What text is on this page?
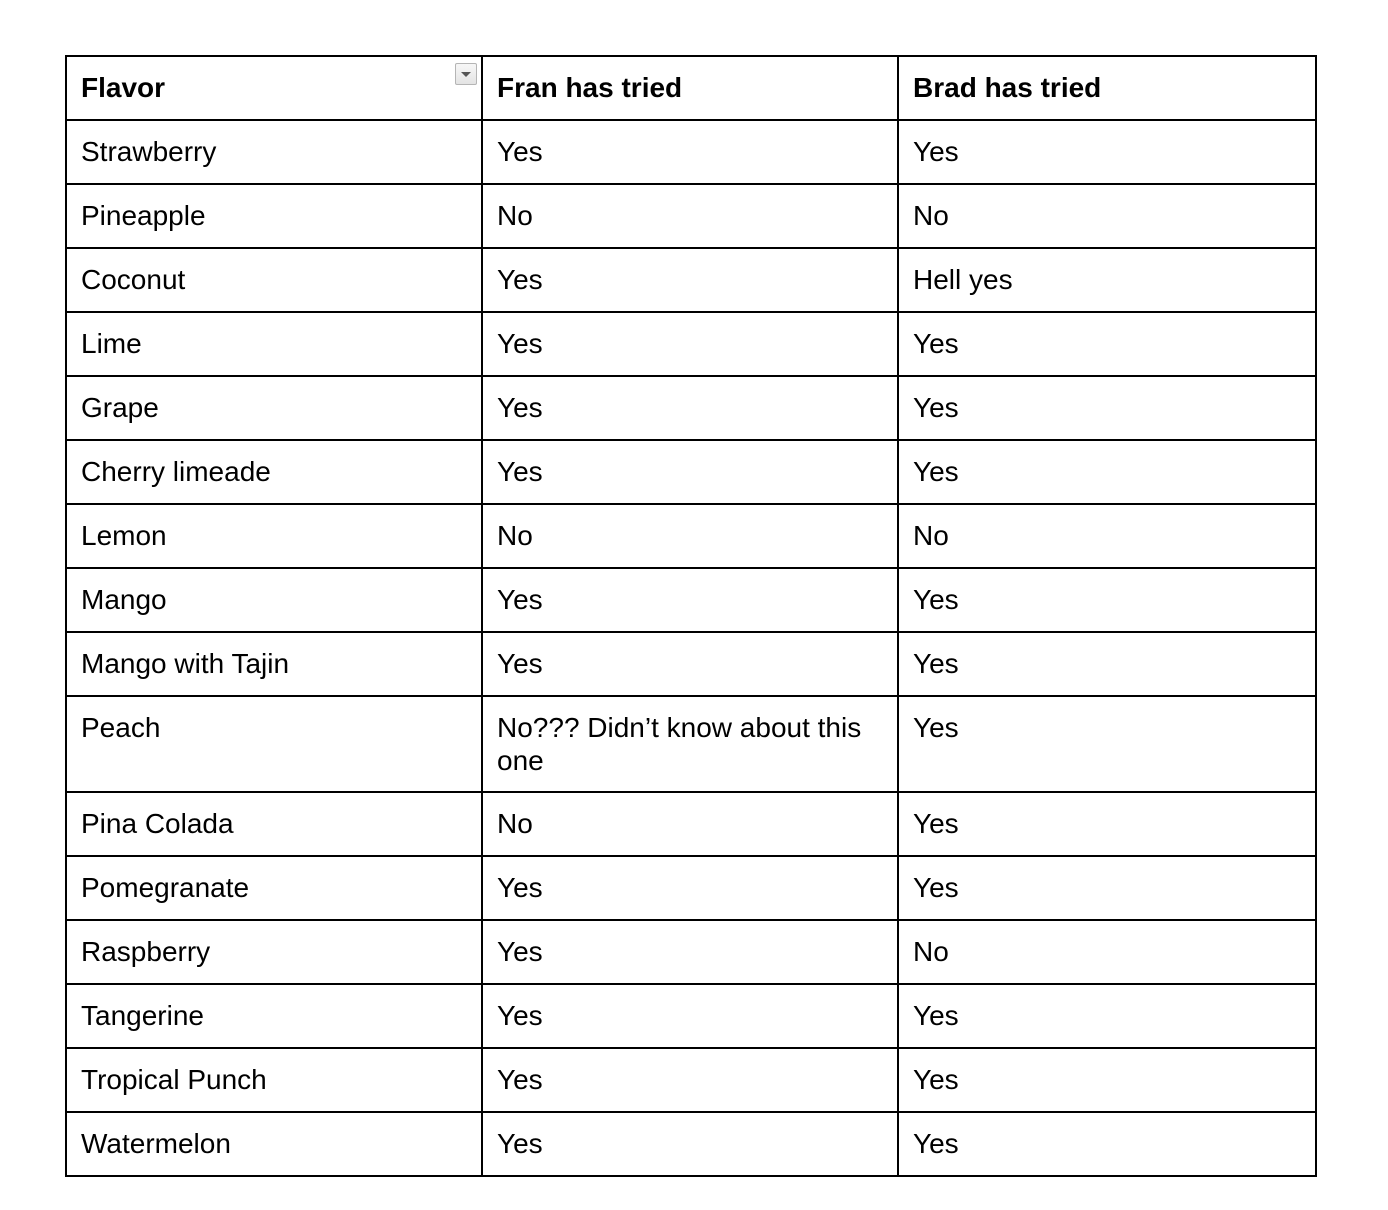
Flavor	Fran has tried	Brad has tried
Strawberry	Yes	Yes
Pineapple	No	No
Coconut	Yes	Hell yes
Lime	Yes	Yes
Grape	Yes	Yes
Cherry limeade	Yes	Yes
Lemon	No	No
Mango	Yes	Yes
Mango with Tajin	Yes	Yes
Peach	No??? Didn’t know about this one	Yes
Pina Colada	No	Yes
Pomegranate	Yes	Yes
Raspberry	Yes	No
Tangerine	Yes	Yes
Tropical Punch	Yes	Yes
Watermelon	Yes	Yes
